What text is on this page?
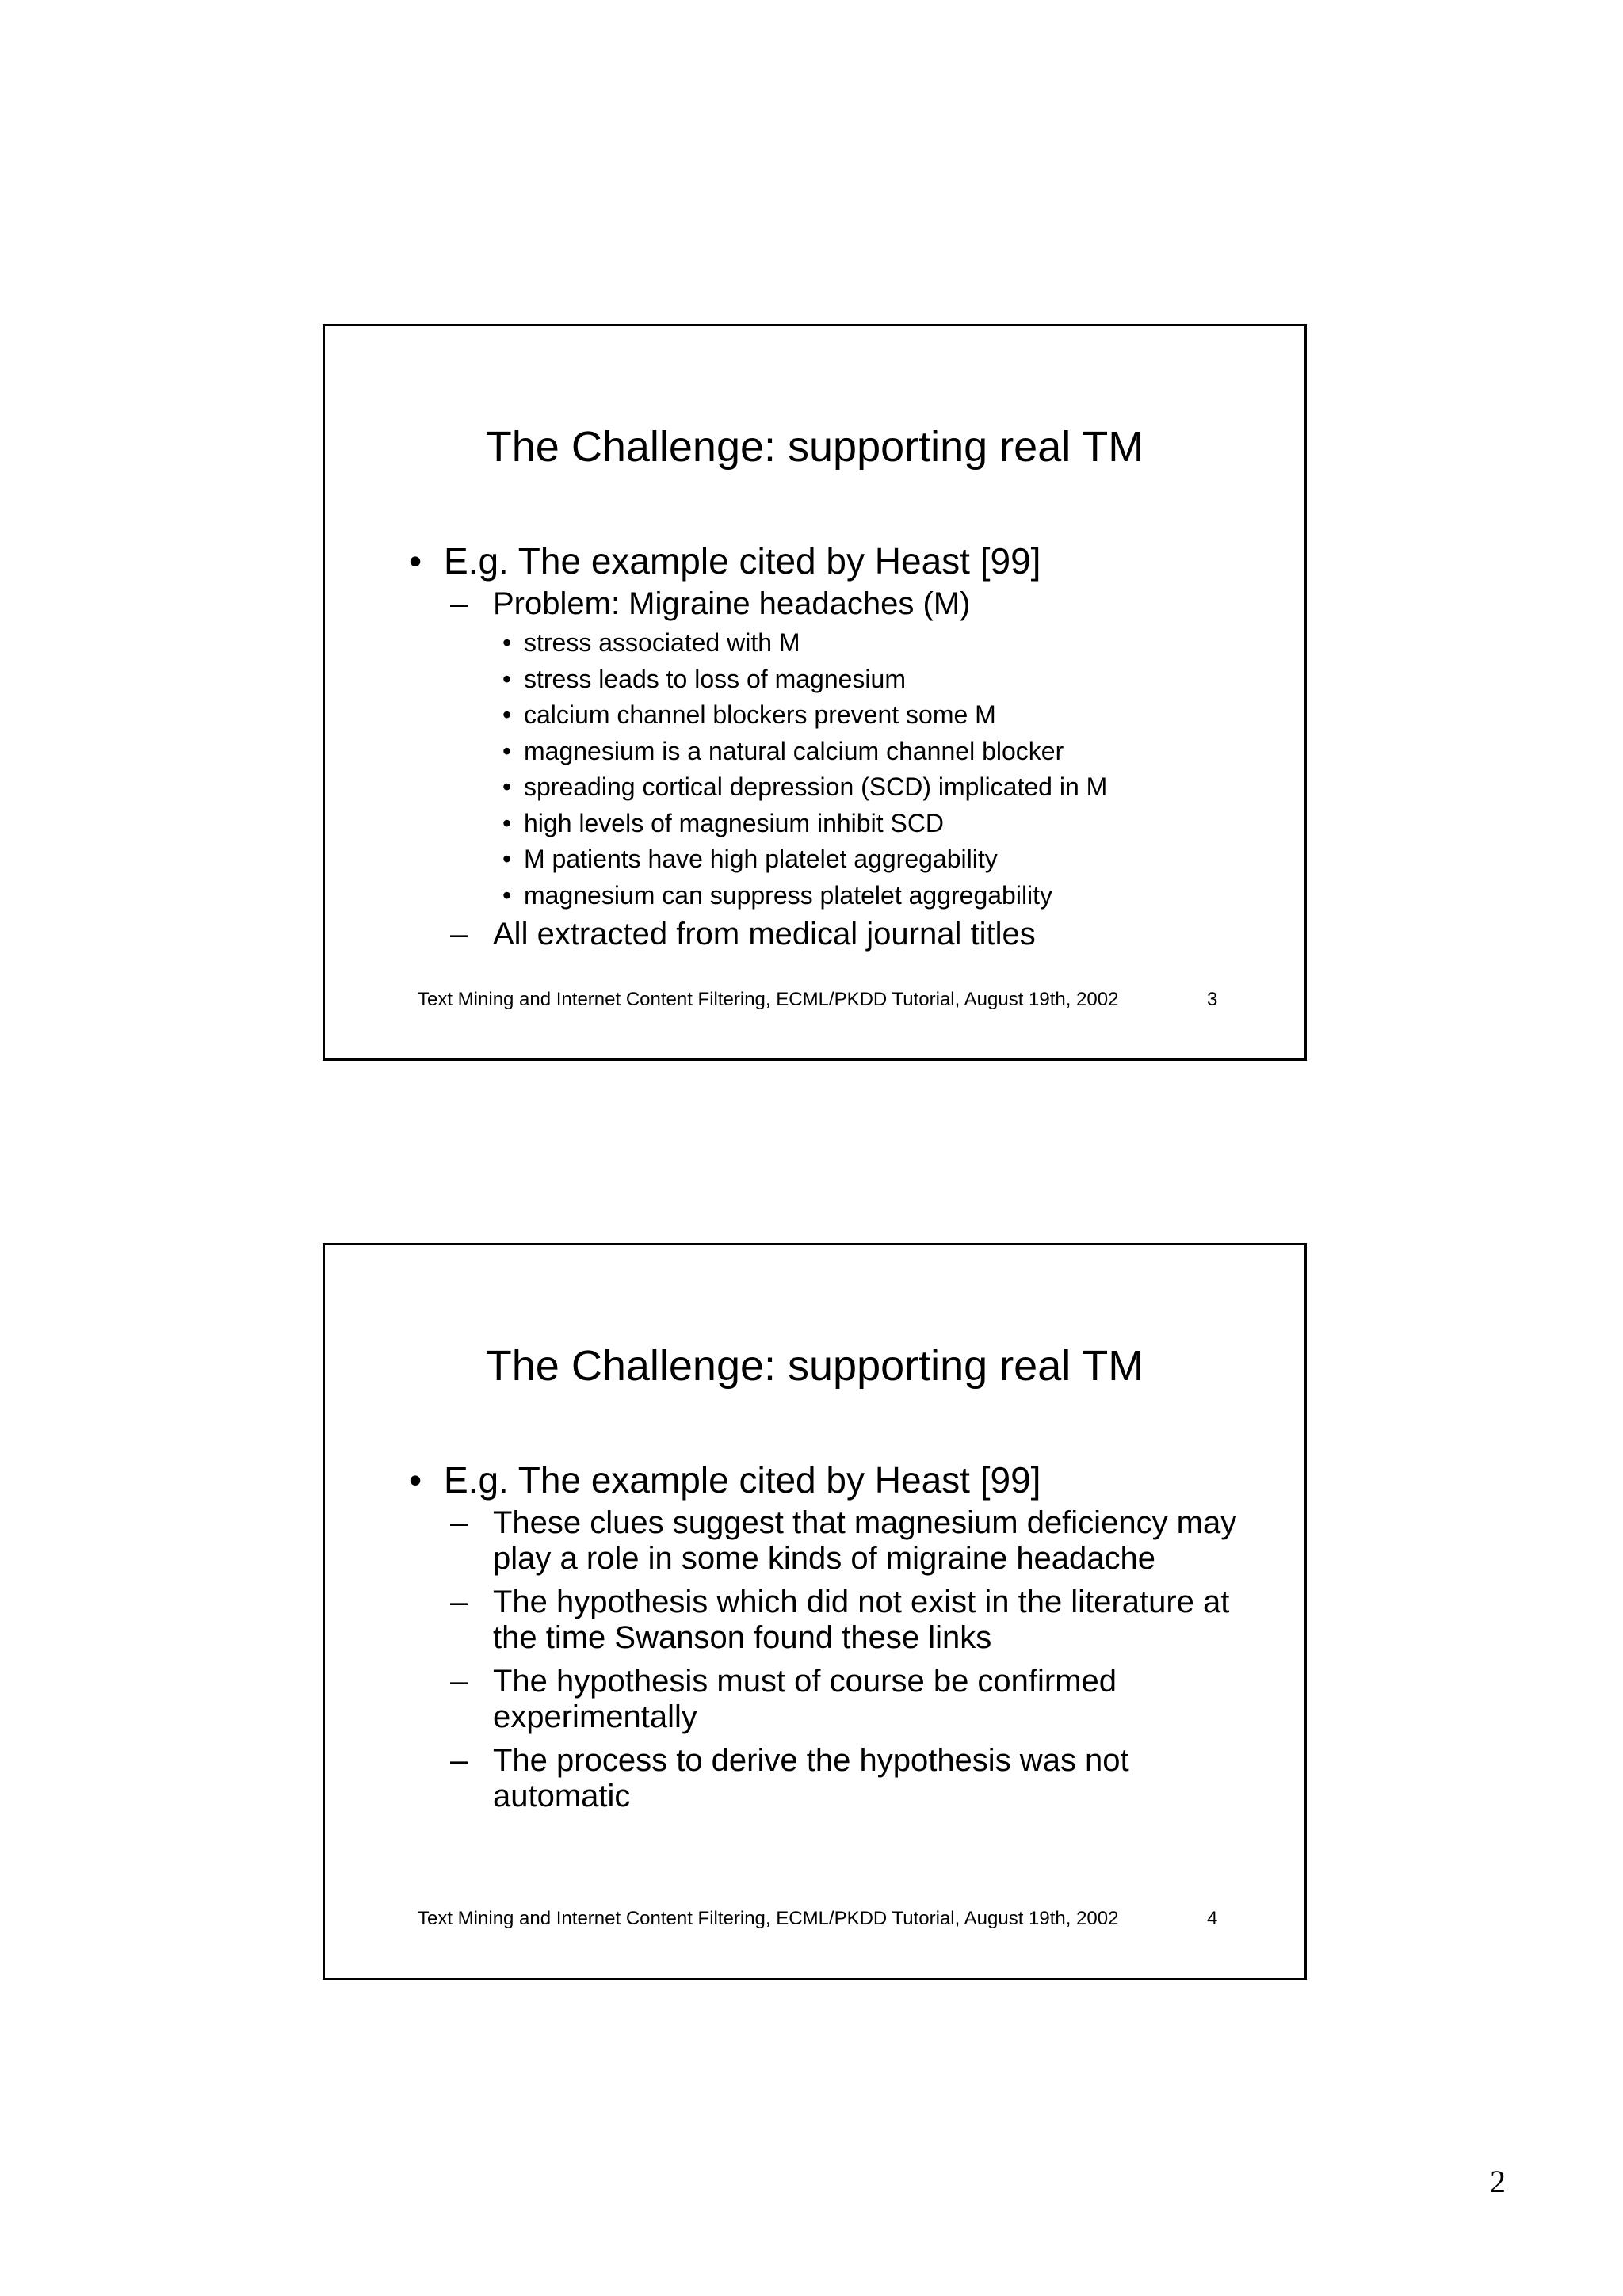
The Challenge: supporting real TM
• E.g. The example cited by Heast [99]
– Problem: Migraine headaches (M)
• stress associated with M
• stress leads to loss of magnesium
• calcium channel blockers prevent some M
• magnesium is a natural calcium channel blocker
• spreading cortical depression (SCD) implicated in M
• high levels of magnesium inhibit SCD
• M patients have high platelet aggregability
• magnesium can suppress platelet aggregability
– All extracted from medical journal titles
Text Mining and Internet Content Filtering, ECML/PKDD Tutorial, August 19th, 2002	3
The Challenge: supporting real TM
• E.g. The example cited by Heast [99]
– These clues suggest that magnesium deficiency may play a role in some kinds of migraine headache
– The hypothesis which did not exist in the literature at the time Swanson found these links
– The hypothesis must of course be confirmed experimentally
– The process to derive the hypothesis was not automatic
Text Mining and Internet Content Filtering, ECML/PKDD Tutorial, August 19th, 2002	4
2
